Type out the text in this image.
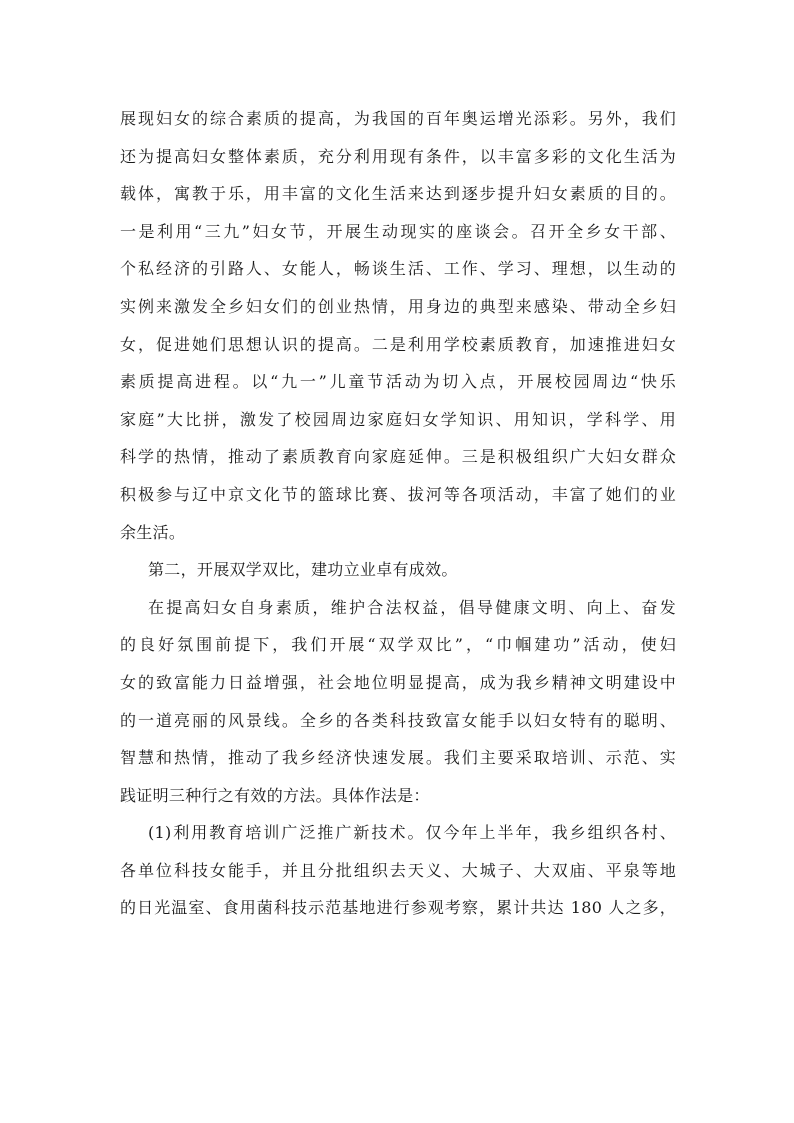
展现妇女的综合素质的提高，为我国的百年奥运增光添彩。另外，我们
还为提高妇女整体素质，充分利用现有条件，以丰富多彩的文化生活为
载体，寓教于乐，用丰富的文化生活来达到逐步提升妇女素质的目的。
一是利用“三九”妇女节，开展生动现实的座谈会。召开全乡女干部、
个私经济的引路人、女能人，畅谈生活、工作、学习、理想，以生动的
实例来激发全乡妇女们的创业热情，用身边的典型来感染、带动全乡妇
女，促进她们思想认识的提高。二是利用学校素质教育，加速推进妇女
素质提高进程。以“九一”儿童节活动为切入点，开展校园周边“快乐
家庭”大比拼，激发了校园周边家庭妇女学知识、用知识，学科学、用
科学的热情，推动了素质教育向家庭延伸。三是积极组织广大妇女群众
积极参与辽中京文化节的篮球比赛、拔河等各项活动，丰富了她们的业
余生活。
第二，开展双学双比，建功立业卓有成效。
在提高妇女自身素质，维护合法权益，倡导健康文明、向上、奋发
的良好氛围前提下，我们开展“双学双比”，“巾帼建功”活动，使妇
女的致富能力日益增强，社会地位明显提高，成为我乡精神文明建设中
的一道亮丽的风景线。全乡的各类科技致富女能手以妇女特有的聪明、
智慧和热情，推动了我乡经济快速发展。我们主要采取培训、示范、实
践证明三种行之有效的方法。具体作法是：
(1)利用教育培训广泛推广新技术。仅今年上半年，我乡组织各村、
各单位科技女能手，并且分批组织去天义、大城子、大双庙、平泉等地
的日光温室、食用菌科技示范基地进行参观考察，累计共达 180 人之多，
